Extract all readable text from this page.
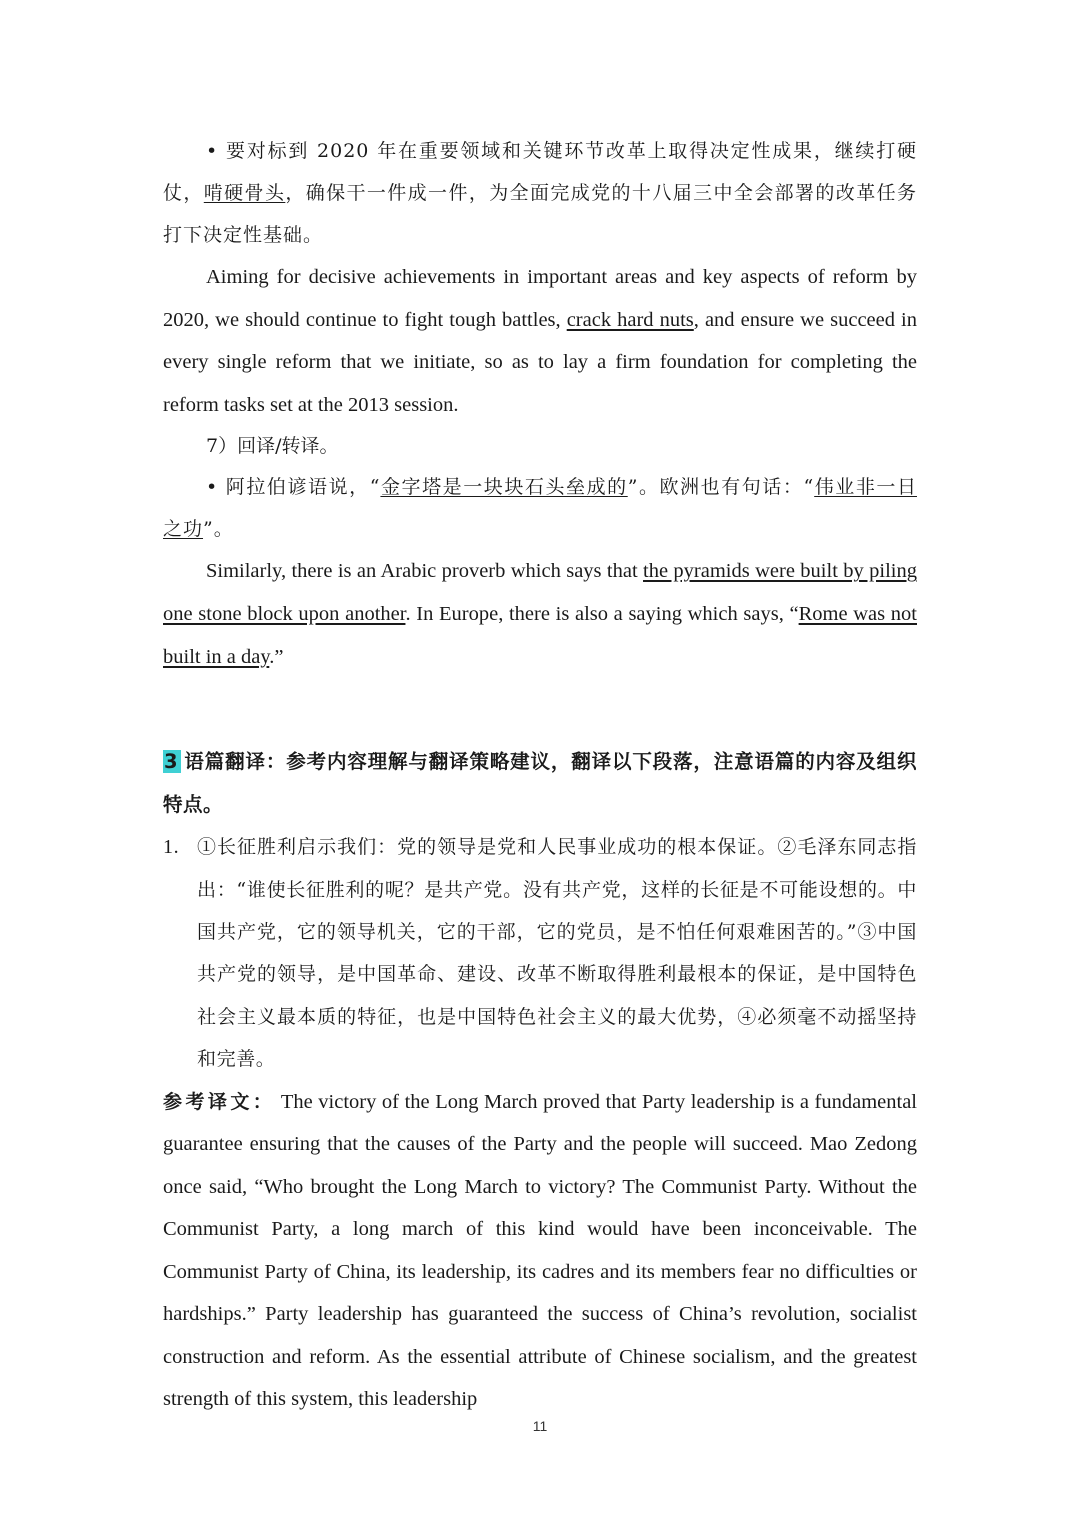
• 要对标到 2020 年在重要领域和关键环节改革上取得决定性成果，继续打硬仗，啃硬骨头，确保干一件成一件，为全面完成党的十八届三中全会部署的改革任务打下决定性基础。

Aiming for decisive achievements in important areas and key aspects of reform by 2020, we should continue to fight tough battles, crack hard nuts, and ensure we succeed in every single reform that we initiate, so as to lay a firm foundation for completing the reform tasks set at the 2013 session.

7）回译/转译。

• 阿拉伯谚语说，“金字塔是一块块石头垒成的”。欧洲也有句话：“伟业非一日之功”。

Similarly, there is an Arabic proverb which says that the pyramids were built by piling one stone block upon another. In Europe, there is also a saying which says, “Rome was not built in a day.”

3 语篇翻译：参考内容理解与翻译策略建议，翻译以下段落，注意语篇的内容及组织特点。

1. ①长征胜利启示我们：党的领导是党和人民事业成功的根本保证。②毛泽东同志指出：“谁使长征胜利的呢？是共产党。没有共产党，这样的长征是不可能设想的。中国共产党，它的领导机关，它的干部，它的党员，是不怕任何艰难困苦的。”③中国共产党的领导，是中国革命、建设、改革不断取得胜利最根本的保证，是中国特色社会主义最本质的特征，也是中国特色社会主义的最大优势，④必须毫不动摇坚持和完善。

参考译文： The victory of the Long March proved that Party leadership is a fundamental guarantee ensuring that the causes of the Party and the people will succeed. Mao Zedong once said, “Who brought the Long March to victory? The Communist Party. Without the Communist Party, a long march of this kind would have been inconceivable. The Communist Party of China, its leadership, its cadres and its members fear no difficulties or hardships.” Party leadership has guaranteed the success of China’s revolution, socialist construction and reform. As the essential attribute of Chinese socialism, and the greatest strength of this system, this leadership

11
